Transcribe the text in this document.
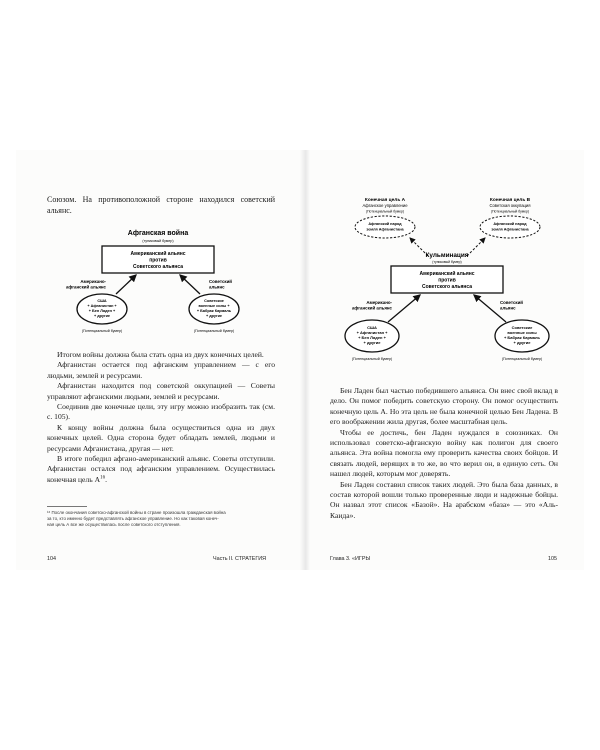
Союзом. На противоположной стороне находился советский альянс.

Афганская война
(тупиковый бумер)
Американский альянс
против
Советского альянса
Американо-
афганский альянс
Советский
альянс
США
+ Афганистан +
+ Бен Ладен +
+ другие
Советские
военные силы +
+ Бабрак Кармаль
+ другие
(Потенциальный бумер)	(Потенциальный бумер)

Итогом войны должна была стать одна из двух конечных целей.

Афганистан остается под афганским управлением — с его людьми, землей и ресурсами.

Афганистан находится под советской оккупацией — Советы управляют афганскими людьми, землей и ресурсами.

Соединив две конечные цели, эту игру можно изобразить так (см. с. 105).

К концу войны должна была осуществиться одна из двух конечных целей. Одна сторона будет обладать землей, людьми и ресурсами Афганистана, другая — нет.

В итоге победил афгано-американский альянс. Советы отступили. Афганистан остался под афганским управлением. Осуществилась конечная цель $А^{16}$.

¹⁶ После окончания советско-афганской войны в стране произошла гражданская война
за то, кто именно будет представлять афганское управление. Но как таковая конеч-
ная цель А все же осуществилась после советского отступления.
104	Часть II. СТРАТЕГИЯ
Конечная цель A
Афганское управление
(Потенциальный бумер)
Афганский народ
земля Афганистана
Конечная цель B
Советская оккупация
(Потенциальный бумер)
Афганский народ
земля Афганистана
Кульминация
(тупиковый бумер)
Американский альянс
против
Советского альянса
Американо-
афганский альянс
Советский
альянс
США
+ Афганистан +
+ Бен Ладен +
+ другие
Советские
военные силы
+ Бабрак Кармаль
+ другие
(Потенциальный бумер)	(Потенциальный бумер)

Бен Ладен был частью победившего альянса. Он внес свой вклад в дело. Он помог победить советскую сторону. Он помог осуществить конечную цель А. Но эта цель не была конечной целью Бен Ладена. В его воображении жила другая, более масштабная цель.

Чтобы ее достичь, бен Ладен нуждался в союзниках. Он использовал советско-афганскую войну как полигон для своего альянса. Эта война помогла ему проверить качества своих бойцов. И связать людей, верящих в то же, во что верил он, в единую сеть. Он нашел людей, которым мог доверять.

Бен Ладен составил список таких людей. Это была база данных, в состав которой вошли только проверенные люди и надежные бойцы. Он назвал этот список «Базой». На арабском «база» — это «Аль-Каида».

Глава 3. «ИГРЫ	105
